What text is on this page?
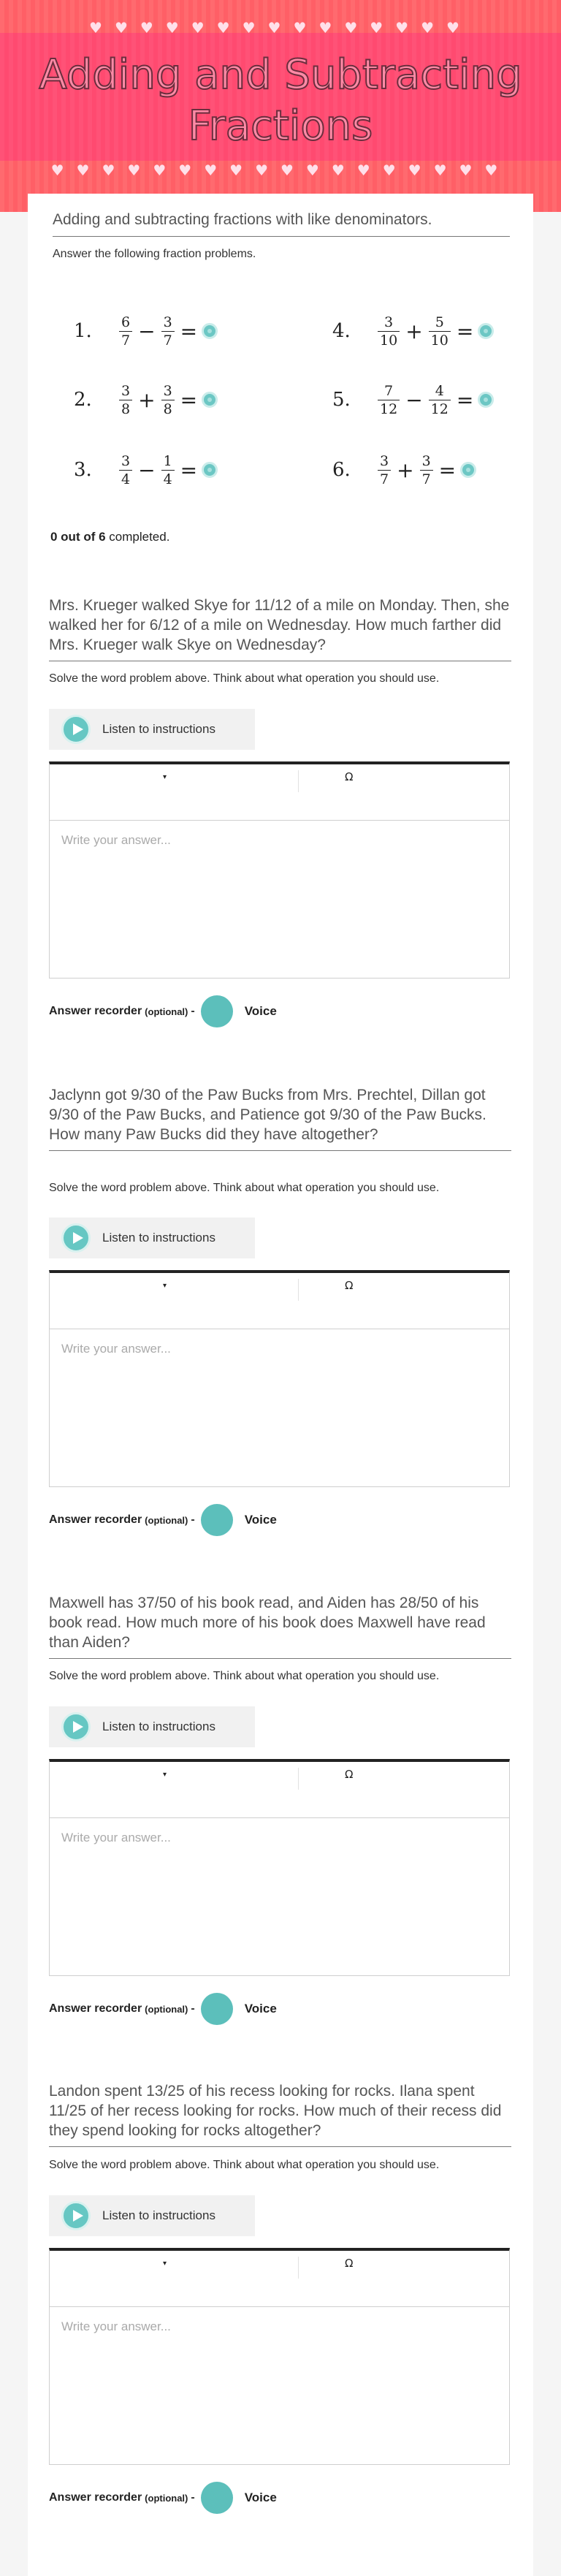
♥♥♥♥♥♥♥♥♥♥♥♥♥♥♥
Adding and Subtracting Fractions
♥♥♥♥♥♥♥♥♥♥♥♥♥♥♥♥♥♥
Adding and subtracting fractions with like denominators.
Answer the following fraction problems.
1.	$\frac{6}{7} - \frac{3}{7}$ =
2.	$\frac{3}{8} + \frac{3}{8}$ =
3.	$\frac{3}{4} - \frac{1}{4}$ =
4.	$\frac{3}{10} + \frac{5}{10}$ =
5.	$\frac{7}{12} - \frac{4}{12}$ =
6.	$\frac{3}{7} + \frac{3}{7}$ =
0 out of 6 completed.
Mrs. Krueger walked Skye for 11/12 of a mile on Monday. Then, she walked her for 6/12 of a mile on Wednesday. How much farther did Mrs. Krueger walk Skye on Wednesday?
Solve the word problem above. Think about what operation you should use.
Listen to instructions
▾	Ω
Write your answer...
Answer recorder (optional) -	Voice
Jaclynn got 9/30 of the Paw Bucks from Mrs. Prechtel, Dillan got 9/30 of the Paw Bucks, and Patience got 9/30 of the Paw Bucks. How many Paw Bucks did they have altogether?
Solve the word problem above. Think about what operation you should use.
Listen to instructions
▾	Ω
Write your answer...
Answer recorder (optional) -	Voice
Maxwell has 37/50 of his book read, and Aiden has 28/50 of his book read. How much more of his book does Maxwell have read than Aiden?
Solve the word problem above. Think about what operation you should use.
Listen to instructions
▾	Ω
Write your answer...
Answer recorder (optional) -	Voice
Landon spent 13/25 of his recess looking for rocks. Ilana spent 11/25 of her recess looking for rocks. How much of their recess did they spend looking for rocks altogether?
Solve the word problem above. Think about what operation you should use.
Listen to instructions
▾	Ω
Write your answer...
Answer recorder (optional) -	Voice
